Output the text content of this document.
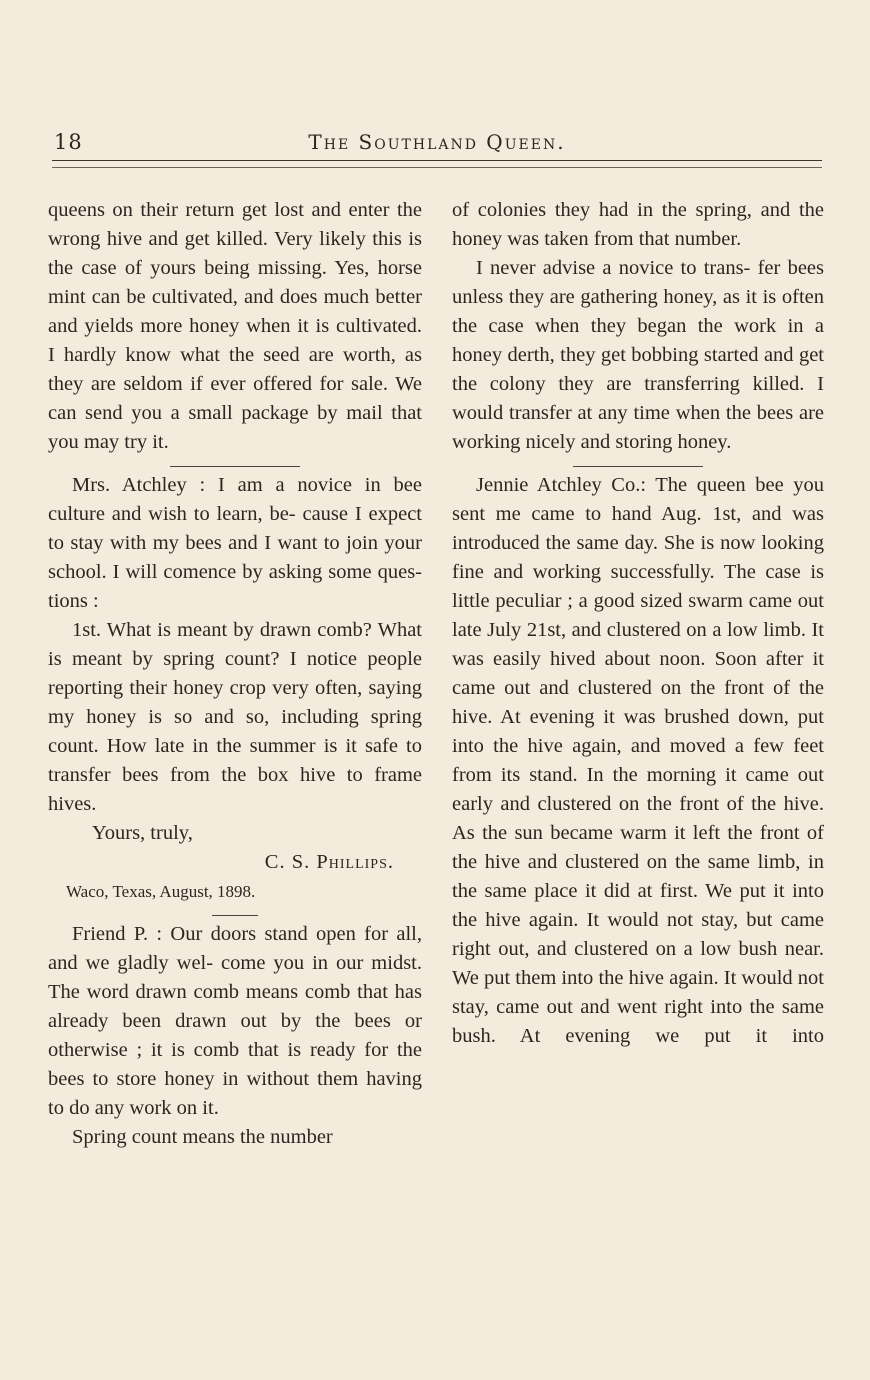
18	The Southland Queen.

queens on their return get lost and enter the wrong hive and get killed. Very likely this is the case of yours being missing. Yes, horse mint can be cultivated, and does much better and yields more honey when it is cultivated. I hardly know what the seed are worth, as they are seldom if ever offered for sale. We can send you a small package by mail that you may try it.

Mrs. Atchley : I am a novice in bee culture and wish to learn, be- cause I expect to stay with my bees and I want to join your school. I will comence by asking some ques- tions :

1st. What is meant by drawn comb? What is meant by spring count? I notice people reporting their honey crop very often, saying my honey is so and so, including spring count. How late in the summer is it safe to transfer bees from the box hive to frame hives.

Yours, truly,

C. S. Phillips.

Waco, Texas, August, 1898.

Friend P. : Our doors stand open for all, and we gladly wel- come you in our midst. The word drawn comb means comb that has already been drawn out by the bees or otherwise ; it is comb that is ready for the bees to store honey in without them having to do any work on it.

Spring count means the number

of colonies they had in the spring, and the honey was taken from that number.

I never advise a novice to trans- fer bees unless they are gathering honey, as it is often the case when they began the work in a honey derth, they get bobbing started and get the colony they are transferring killed. I would transfer at any time when the bees are working nicely and storing honey.

Jennie Atchley Co.: The queen bee you sent me came to hand Aug. 1st, and was introduced the same day. She is now looking fine and working successfully. The case is little peculiar ; a good sized swarm came out late July 21st, and clustered on a low limb. It was easily hived about noon. Soon after it came out and clustered on the front of the hive. At evening it was brushed down, put into the hive again, and moved a few feet from its stand. In the morning it came out early and clustered on the front of the hive. As the sun became warm it left the front of the hive and clustered on the same limb, in the same place it did at first. We put it into the hive again. It would not stay, but came right out, and clustered on a low bush near. We put them into the hive again. It would not stay, came out and went right into the same bush. At evening we put it into
